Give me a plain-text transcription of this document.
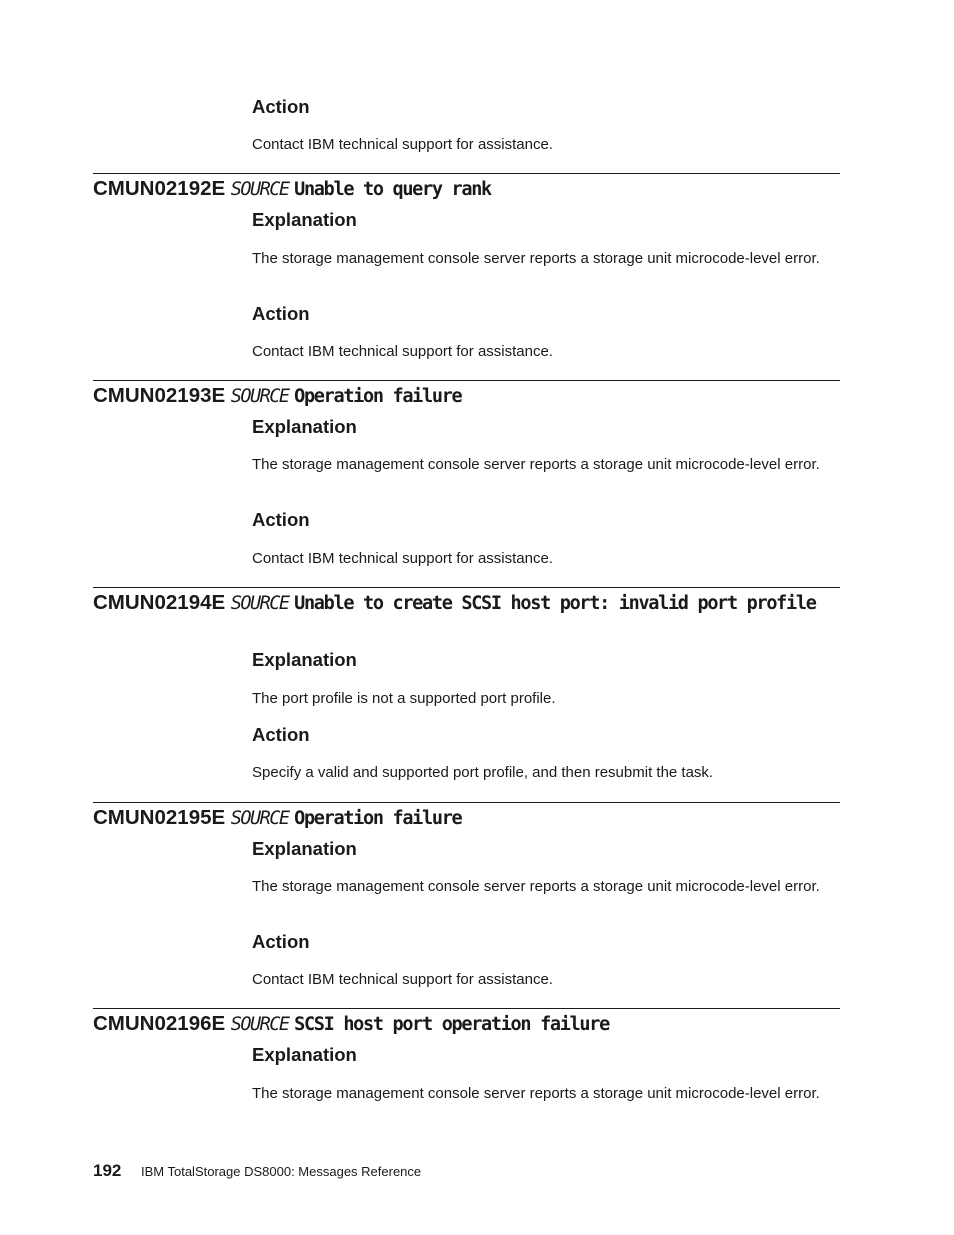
Action
Contact IBM technical support for assistance.
CMUN02192E SOURCE Unable to query rank
Explanation
The storage management console server reports a storage unit microcode-level error.
Action
Contact IBM technical support for assistance.
CMUN02193E SOURCE Operation failure
Explanation
The storage management console server reports a storage unit microcode-level error.
Action
Contact IBM technical support for assistance.
CMUN02194E SOURCE Unable to create SCSI host port: invalid port profile
Explanation
The port profile is not a supported port profile.
Action
Specify a valid and supported port profile, and then resubmit the task.
CMUN02195E SOURCE Operation failure
Explanation
The storage management console server reports a storage unit microcode-level error.
Action
Contact IBM technical support for assistance.
CMUN02196E SOURCE SCSI host port operation failure
Explanation
The storage management console server reports a storage unit microcode-level error.
192 IBM TotalStorage DS8000: Messages Reference
